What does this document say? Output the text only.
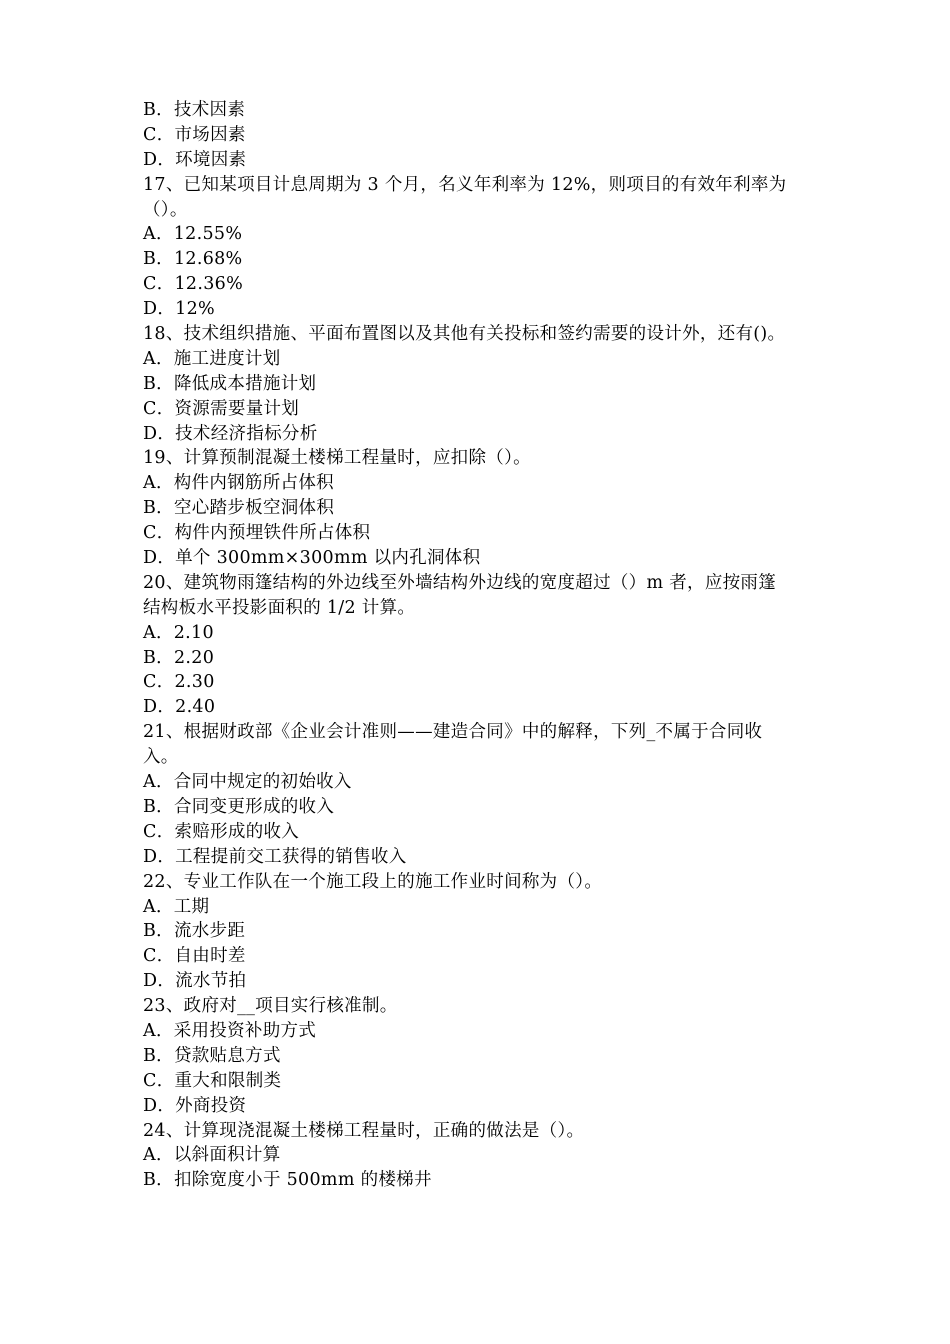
B．技术因素
C．市场因素
D．环境因素
17、已知某项目计息周期为 3 个月，名义年利率为 12%，则项目的有效年利率为
（）。
A．12.55%
B．12.68%
C．12.36%
D．12%
18、技术组织措施、平面布置图以及其他有关投标和签约需要的设计外，还有()。
A．施工进度计划
B．降低成本措施计划
C．资源需要量计划
D．技术经济指标分析
19、计算预制混凝土楼梯工程量时，应扣除（）。
A．构件内钢筋所占体积
B．空心踏步板空洞体积
C．构件内预埋铁件所占体积
D．单个 300mm×300mm 以内孔洞体积
20、建筑物雨篷结构的外边线至外墙结构外边线的宽度超过（）m 者，应按雨篷
结构板水平投影面积的 1/2 计算。
A．2.10
B．2.20
C．2.30
D．2.40
21、根据财政部《企业会计准则——建造合同》中的解释，下列_不属于合同收
入。
A．合同中规定的初始收入
B．合同变更形成的收入
C．索赔形成的收入
D．工程提前交工获得的销售收入
22、专业工作队在一个施工段上的施工作业时间称为（）。
A．工期
B．流水步距
C．自由时差
D．流水节拍
23、政府对__项目实行核准制。
A．采用投资补助方式
B．贷款贴息方式
C．重大和限制类
D．外商投资
24、计算现浇混凝土楼梯工程量时，正确的做法是（）。
A．以斜面积计算
B．扣除宽度小于 500mm 的楼梯井
